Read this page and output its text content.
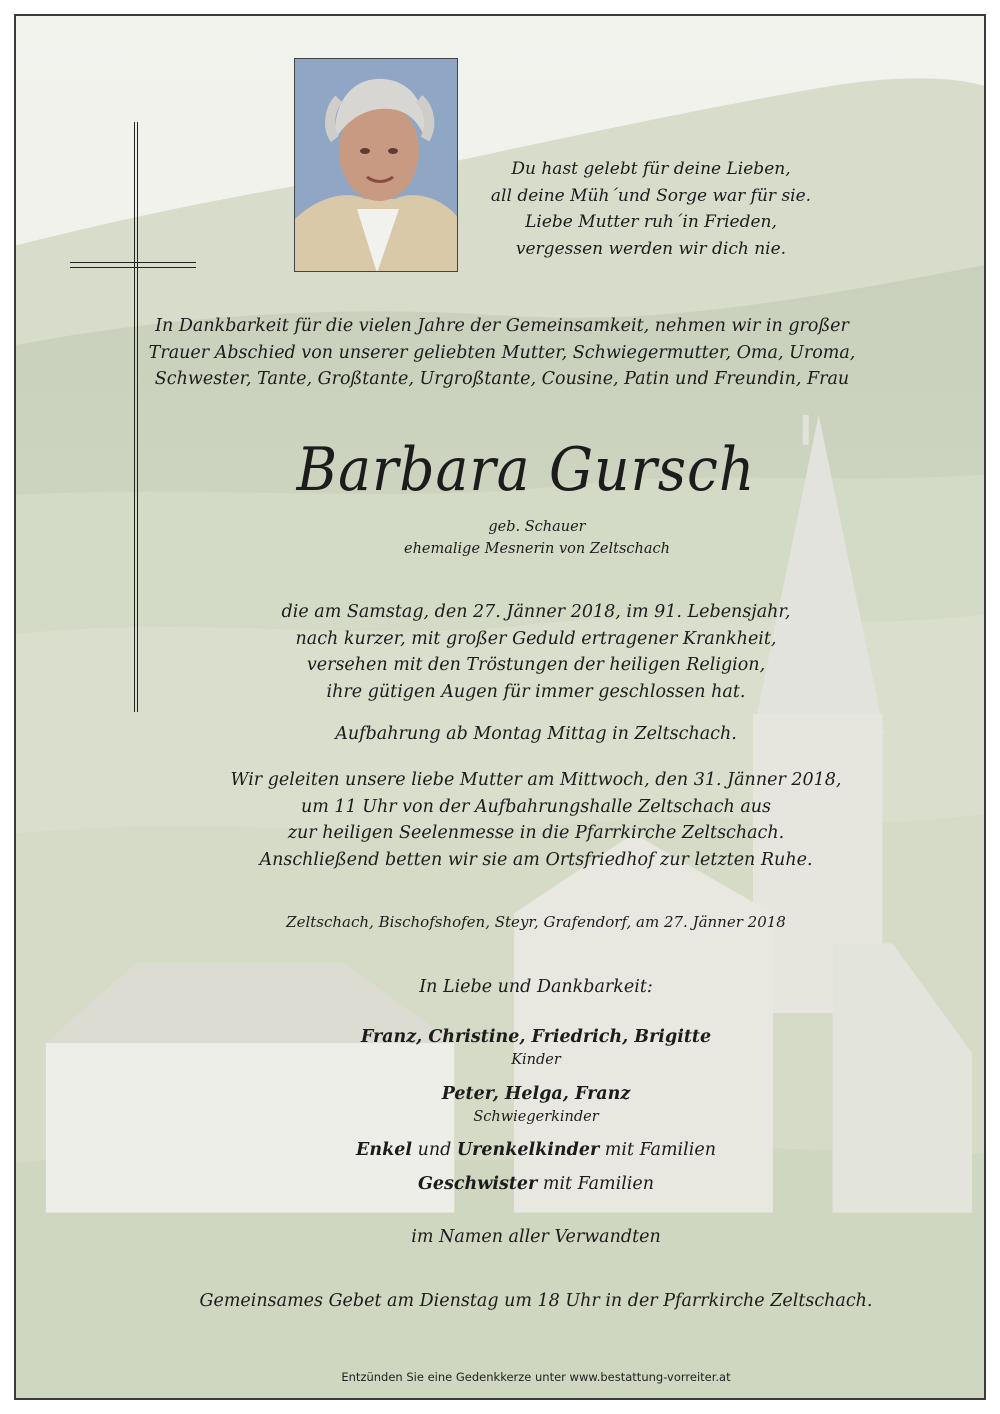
Du hast gelebt für deine Lieben,
all deine Müh´und Sorge war für sie.
Liebe Mutter ruh´in Frieden,
vergessen werden wir dich nie.
In Dankbarkeit für die vielen Jahre der Gemeinsamkeit, nehmen wir in großer
Trauer Abschied von unserer geliebten Mutter, Schwiegermutter, Oma, Uroma,
Schwester, Tante, Großtante, Urgroßtante, Cousine, Patin und Freundin, Frau
Barbara Gursch
geb. Schauer
ehemalige Mesnerin von Zeltschach
die am Samstag, den 27. Jänner 2018, im 91. Lebensjahr,
nach kurzer, mit großer Geduld ertragener Krankheit,
versehen mit den Tröstungen der heiligen Religion,
ihre gütigen Augen für immer geschlossen hat.
Aufbahrung ab Montag Mittag in Zeltschach.
Wir geleiten unsere liebe Mutter am Mittwoch, den 31. Jänner 2018,
um 11 Uhr von der Aufbahrungshalle Zeltschach aus
zur heiligen Seelenmesse in die Pfarrkirche Zeltschach.
Anschließend betten wir sie am Ortsfriedhof zur letzten Ruhe.
Zeltschach, Bischofshofen, Steyr, Grafendorf, am 27. Jänner 2018
In Liebe und Dankbarkeit:
Franz, Christine, Friedrich, Brigitte
Kinder
Peter, Helga, Franz
Schwiegerkinder
Enkel und Urenkelkinder mit Familien
Geschwister mit Familien
im Namen aller Verwandten
Gemeinsames Gebet am Dienstag um 18 Uhr in der Pfarrkirche Zeltschach.
Entzünden Sie eine Gedenkkerze unter www.bestattung-vorreiter.at
